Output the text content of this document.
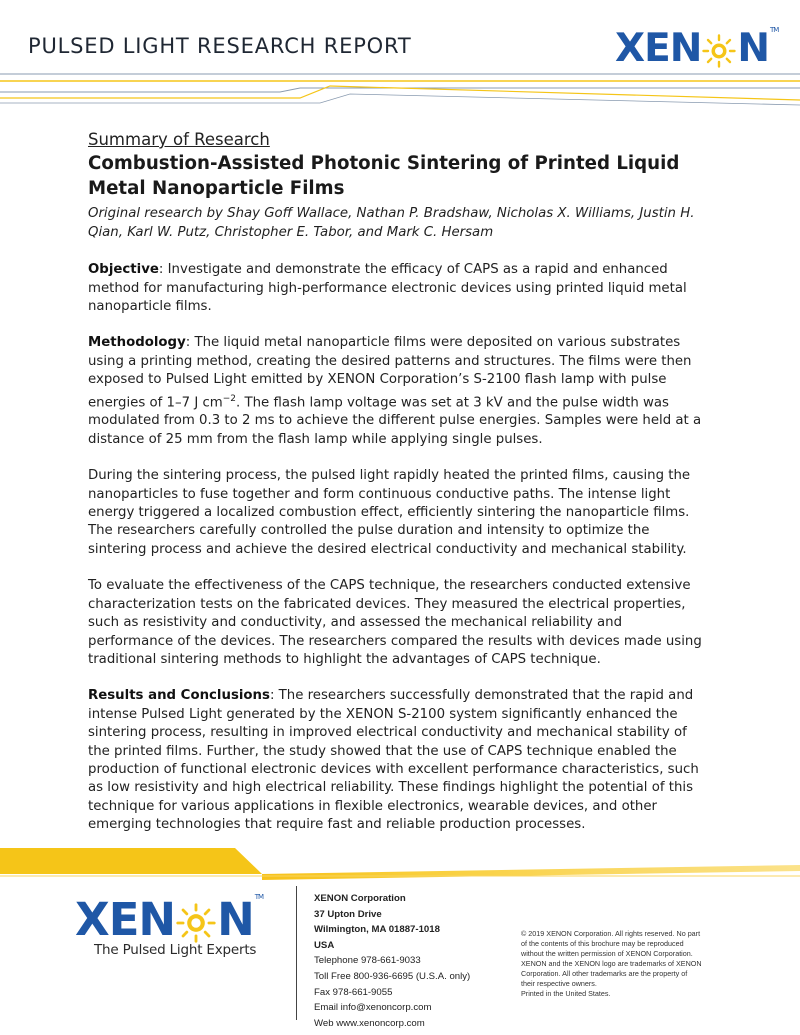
PULSED LIGHT RESEARCH REPORT	XEN N TM
Summary of Research
Combustion-Assisted Photonic Sintering of Printed Liquid Metal Nanoparticle Films
Original research by Shay Goff Wallace, Nathan P. Bradshaw, Nicholas X. Williams, Justin H. Qian, Karl W. Putz, Christopher E. Tabor, and Mark C. Hersam

Objective: Investigate and demonstrate the efficacy of CAPS as a rapid and enhanced method for manufacturing high-performance electronic devices using printed liquid metal nanoparticle films.

Methodology: The liquid metal nanoparticle films were deposited on various substrates using a printing method, creating the desired patterns and structures. The films were then exposed to Pulsed Light emitted by XENON Corporation’s S-2100 flash lamp with pulse energies of 1–7 J $cm^{-2}$. The flash lamp voltage was set at 3 kV and the pulse width was modulated from 0.3 to 2 ms to achieve the different pulse energies. Samples were held at a distance of 25 mm from the flash lamp while applying single pulses.

During the sintering process, the pulsed light rapidly heated the printed films, causing the nanoparticles to fuse together and form continuous conductive paths. The intense light energy triggered a localized combustion effect, efficiently sintering the nanoparticle films. The researchers carefully controlled the pulse duration and intensity to optimize the sintering process and achieve the desired electrical conductivity and mechanical stability.

To evaluate the effectiveness of the CAPS technique, the researchers conducted extensive characterization tests on the fabricated devices. They measured the electrical properties, such as resistivity and conductivity, and assessed the mechanical reliability and performance of the devices. The researchers compared the results with devices made using traditional sintering methods to highlight the advantages of CAPS technique.

Results and Conclusions: The researchers successfully demonstrated that the rapid and intense Pulsed Light generated by the XENON S-2100 system significantly enhanced the sintering process, resulting in improved electrical conductivity and mechanical stability of the printed films. Further, the study showed that the use of CAPS technique enabled the production of functional electronic devices with excellent performance characteristics, such as low resistivity and high electrical reliability. These findings highlight the potential of this technique for various applications in flexible electronics, wearable devices, and other emerging technologies that require fast and reliable production processes.

XEN N TM
The Pulsed Light Experts
XENON Corporation
37 Upton Drive
Wilmington, MA 01887-1018
USA
Telephone 978-661-9033
Toll Free 800-936-6695 (U.S.A. only)
Fax 978-661-9055
Email info@xenoncorp.com
Web www.xenoncorp.com
© 2019 XENON Corporation. All rights reserved. No part
of the contents of this brochure may be reproduced
without the written permission of XENON Corporation.
XENON and the XENON logo are trademarks of XENON
Corporation. All other trademarks are the property of
their respective owners.
Printed in the United States.
